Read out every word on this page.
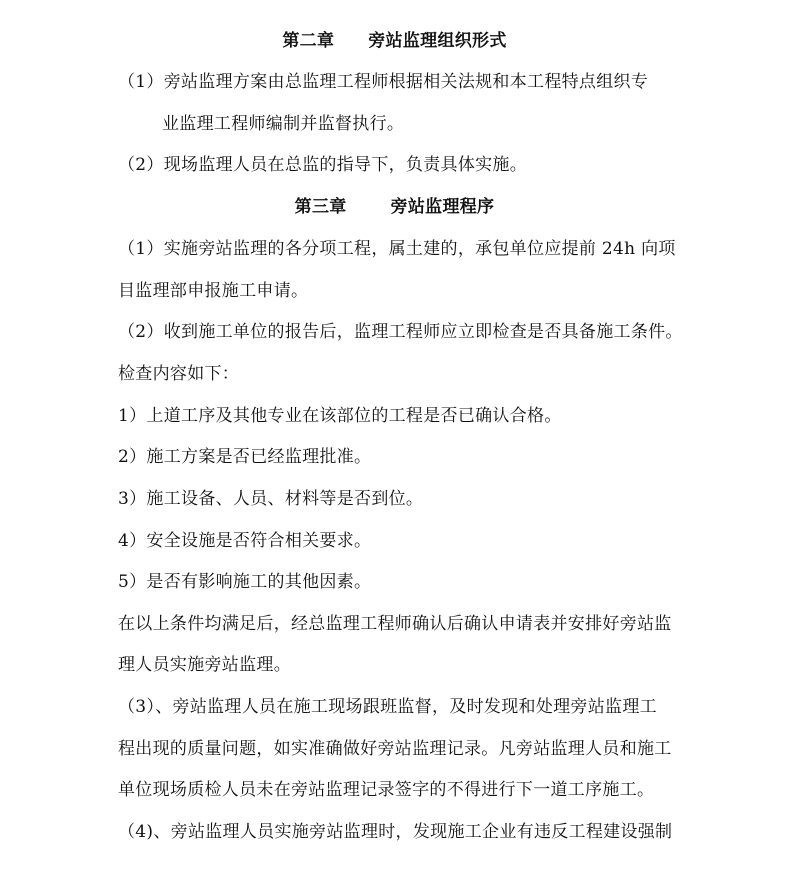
第二章 旁站监理组织形式
（1）旁站监理方案由总监理工程师根据相关法规和本工程特点组织专
业监理工程师编制并监督执行。
（2）现场监理人员在总监的指导下，负责具体实施。
第三章	旁站监理程序
（1）实施旁站监理的各分项工程，属土建的，承包单位应提前 24h 向项
目监理部申报施工申请。
（2）收到施工单位的报告后，监理工程师应立即检查是否具备施工条件。
检查内容如下：
1）上道工序及其他专业在该部位的工程是否已确认合格。
2）施工方案是否已经监理批准。
3）施工设备、人员、材料等是否到位。
4）安全设施是否符合相关要求。
5）是否有影响施工的其他因素。
在以上条件均满足后，经总监理工程师确认后确认申请表并安排好旁站监
理人员实施旁站监理。
（3）、旁站监理人员在施工现场跟班监督，及时发现和处理旁站监理工
程出现的质量问题，如实准确做好旁站监理记录。凡旁站监理人员和施工
单位现场质检人员未在旁站监理记录签字的不得进行下一道工序施工。
（4)、旁站监理人员实施旁站监理时，发现施工企业有违反工程建设强制
